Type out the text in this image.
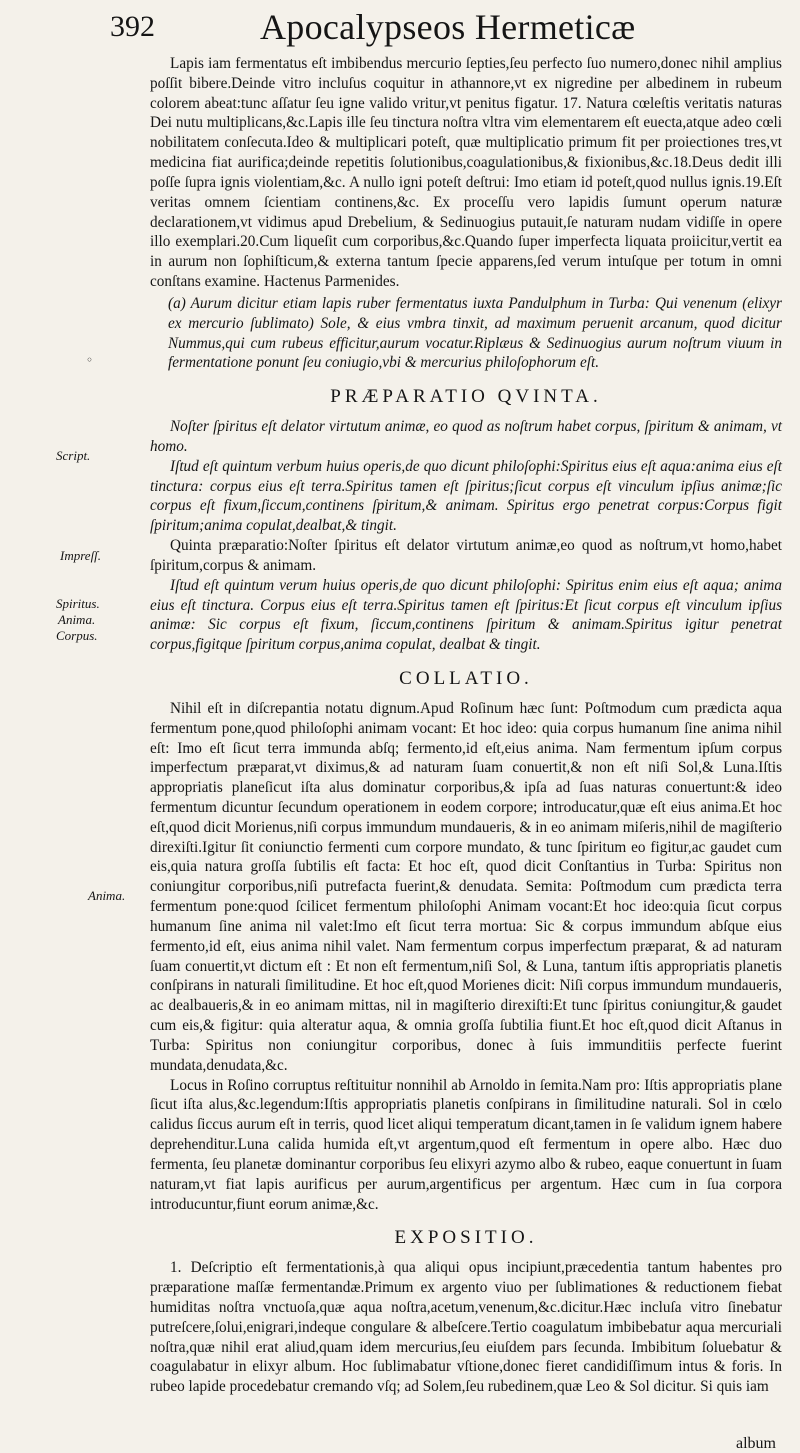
392	Apocalypseos Hermeticæ
◦
Script.
Impreſſ.
Spiritus.
Anima.
Corpus.
Anima.

Lapis iam fermentatus eſt imbibendus mercurio ſepties,ſeu perfecto ſuo numero,donec nihil amplius poſſit bibere.Deinde vitro incluſus coquitur in athannore,vt ex nigredine per albedinem in rubeum colorem abeat:tunc aſſatur ſeu igne valido vritur,vt penitus figatur. 17. Natura cœleſtis veritatis naturas Dei nutu multiplicans,&c.Lapis ille ſeu tinctura noſtra vltra vim elementarem eſt euecta,atque adeo cœli nobilitatem conſecuta.Ideo & multiplicari poteſt, quæ multiplicatio primum fit per proiectiones tres,vt medicina fiat aurifica;deinde repetitis ſolutionibus,coagulationibus,& fixionibus,&c.18.Deus dedit illi poſſe ſupra ignis violentiam,&c. A nullo igni poteſt deſtrui: Imo etiam id poteſt,quod nullus ignis.19.Eſt veritas omnem ſcientiam continens,&c. Ex proceſſu vero lapidis ſumunt operum naturæ declarationem,vt vidimus apud Drebelium, & Sedinuogius putauit,ſe naturam nudam vidiſſe in opere illo exemplari.20.Cum liqueſit cum corporibus,&c.Quando ſuper imperfecta liquata proiicitur,vertit ea in aurum non ſophiſticum,& externa tantum ſpecie apparens,ſed verum intuſque per totum in omni conſtans examine. Hactenus Parmenides.

(a) Aurum dicitur etiam lapis ruber fermentatus iuxta Pandulphum in Turba: Qui venenum (elixyr ex mercurio ſublimato) Sole, & eius vmbra tinxit, ad maximum peruenit arcanum, quod dicitur Nummus,qui cum rubeus efficitur,aurum vocatur.Riplæus & Sedinuogius aurum noſtrum viuum in fermentatione ponunt ſeu coniugio,vbi & mercurius philoſophorum eſt.

PRÆPARATIO QVINTA.

Noſter ſpiritus eſt delator virtutum animæ, eo quod as noſtrum habet corpus, ſpiritum & animam, vt homo.

Iſtud eſt quintum verbum huius operis,de quo dicunt philoſophi:Spiritus eius eſt aqua:anima eius eſt tinctura: corpus eius eſt terra.Spiritus tamen eſt ſpiritus;ſicut corpus eſt vinculum ipſius animæ;ſic corpus eſt fixum,ſiccum,continens ſpiritum,& animam. Spiritus ergo penetrat corpus:Corpus figit ſpiritum;anima copulat,dealbat,& tingit.

Quinta præparatio:Noſter ſpiritus eſt delator virtutum animæ,eo quod as noſtrum,vt homo,habet ſpiritum,corpus & animam.

Iſtud eſt quintum verum huius operis,de quo dicunt philoſophi: Spiritus enim eius eſt aqua; anima eius eſt tinctura. Corpus eius eſt terra.Spiritus tamen eſt ſpiritus:Et ſicut corpus eſt vinculum ipſius animæ: Sic corpus eſt fixum, ſiccum,continens ſpiritum & animam.Spiritus igitur penetrat corpus,figitque ſpiritum corpus,anima copulat, dealbat & tingit.

COLLATIO.

Nihil eſt in diſcrepantia notatu dignum.Apud Roſinum hæc ſunt: Poſtmodum cum prædicta aqua fermentum pone,quod philoſophi animam vocant: Et hoc ideo: quia corpus humanum ſine anima nihil eſt: Imo eſt ſicut terra immunda abſq; fermento,id eſt,eius anima. Nam fermentum ipſum corpus imperfectum præparat,vt diximus,& ad naturam ſuam conuertit,& non eſt niſi Sol,& Luna.Iſtis appropriatis planeſicut iſta alus dominatur corporibus,& ipſa ad ſuas naturas conuertunt:& ideo fermentum dicuntur ſecundum operationem in eodem corpore; introducatur,quæ eſt eius anima.Et hoc eſt,quod dicit Morienus,niſi corpus immundum mundaueris, & in eo animam miſeris,nihil de magiſterio direxiſti.Igitur ſit coniunctio fermenti cum corpore mundato, & tunc ſpiritum eo figitur,ac gaudet cum eis,quia natura groſſa ſubtilis eſt facta: Et hoc eſt, quod dicit Conſtantius in Turba: Spiritus non coniungitur corporibus,niſi putrefacta fuerint,& denudata. Semita: Poſtmodum cum prædicta terra fermentum pone:quod ſcilicet fermentum philoſophi Animam vocant:Et hoc ideo:quia ſicut corpus humanum ſine anima nil valet:Imo eſt ſicut terra mortua: Sic & corpus immundum abſque eius fermento,id eſt, eius anima nihil valet. Nam fermentum corpus imperfectum præparat, & ad naturam ſuam conuertit,vt dictum eſt : Et non eſt fermentum,niſi Sol, & Luna, tantum iſtis appropriatis planetis conſpirans in naturali ſimilitudine. Et hoc eſt,quod Morienes dicit: Niſi corpus immundum mundaueris, ac dealbaueris,& in eo animam mittas, nil in magiſterio direxiſti:Et tunc ſpiritus coniungitur,& gaudet cum eis,& figitur: quia alteratur aqua, & omnia groſſa ſubtilia fiunt.Et hoc eſt,quod dicit Aſtanus in Turba: Spiritus non coniungitur corporibus, donec à ſuis immunditiis perfecte fuerint mundata,denudata,&c.

Locus in Roſino corruptus reſtituitur nonnihil ab Arnoldo in ſemita.Nam pro: Iſtis appropriatis plane ſicut iſta alus,&c.legendum:Iſtis appropriatis planetis conſpirans in ſimilitudine naturali. Sol in cœlo calidus ſiccus aurum eſt in terris, quod licet aliqui temperatum dicant,tamen in ſe validum ignem habere deprehenditur.Luna calida humida eſt,vt argentum,quod eſt fermentum in opere albo. Hæc duo fermenta, ſeu planetæ dominantur corporibus ſeu elixyri azymo albo & rubeo, eaque conuertunt in ſuam naturam,vt fiat lapis aurificus per aurum,argentificus per argentum. Hæc cum in ſua corpora introducuntur,fiunt eorum animæ,&c.

EXPOSITIO.

1. Deſcriptio eſt fermentationis,à qua aliqui opus incipiunt,præcedentia tantum habentes pro præparatione maſſæ fermentandæ.Primum ex argento viuo per ſublimationes & reductionem fiebat humiditas noſtra vnctuoſa,quæ aqua noſtra,acetum,venenum,&c.dicitur.Hæc incluſa vitro ſinebatur putreſcere,ſolui,enigrari,indeque congulare & albeſcere.Tertio coagulatum imbibebatur aqua mercuriali noſtra,quæ nihil erat aliud,quam idem mercurius,ſeu eiuſdem pars ſecunda. Imbibitum ſoluebatur & coagulabatur in elixyr album. Hoc ſublimabatur vſtione,donec fieret candidiſſimum intus & foris. In rubeo lapide procedebatur cremando vſq; ad Solem,ſeu rubedinem,quæ Leo & Sol dicitur. Si quis iam

album
